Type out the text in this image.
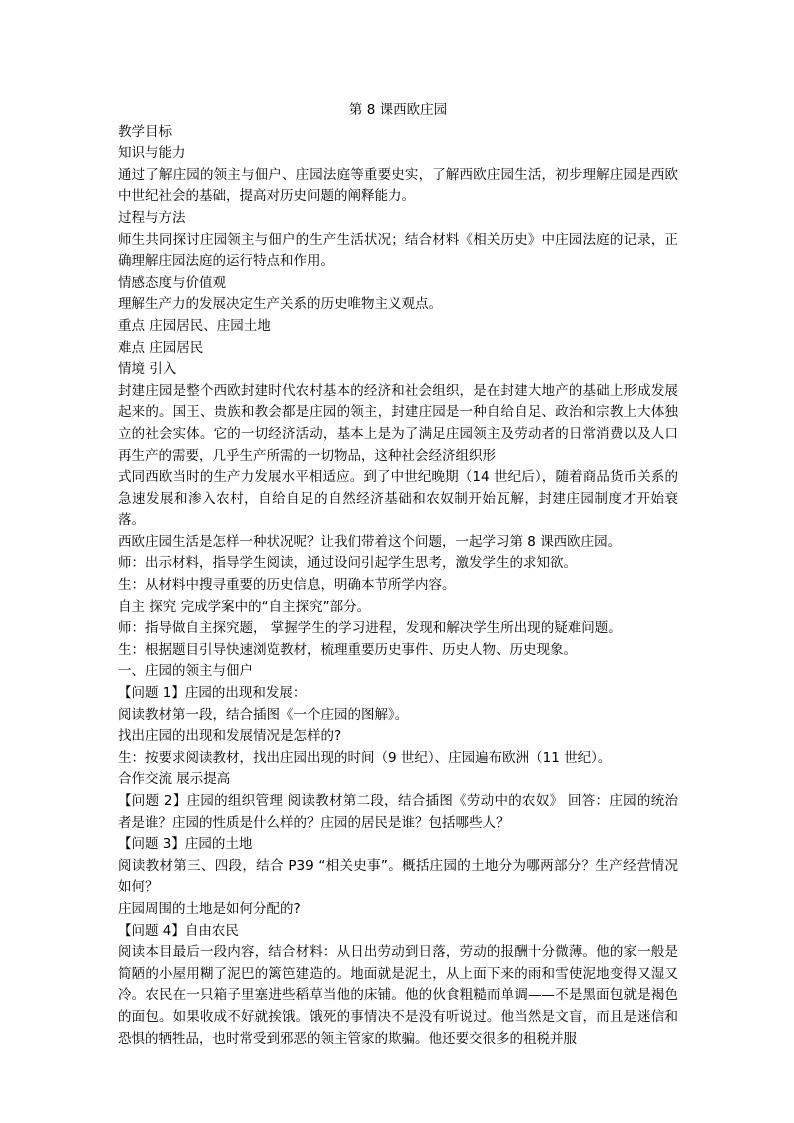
第 8 课西欧庄园

教学目标

知识与能力

通过了解庄园的领主与佃户、庄园法庭等重要史实，了解西欧庄园生活，初步理解庄园是西欧中世纪社会的基础，提高对历史问题的阐释能力。

过程与方法

师生共同探讨庄园领主与佃户的生产生活状况；结合材料《相关历史》中庄园法庭的记录，正确理解庄园法庭的运行特点和作用。

情感态度与价值观

理解生产力的发展决定生产关系的历史唯物主义观点。

重点 庄园居民、庄园土地

难点 庄园居民

情境 引入

封建庄园是整个西欧封建时代农村基本的经济和社会组织，是在封建大地产的基础上形成发展起来的。国王、贵族和教会都是庄园的领主，封建庄园是一种自给自足、政治和宗教上大体独立的社会实体。它的一切经济活动，基本上是为了满足庄园领主及劳动者的日常消费以及人口再生产的需要，几乎生产所需的一切物品，这种社会经济组织形

式同西欧当时的生产力发展水平相适应。到了中世纪晚期（14 世纪后），随着商品货币关系的急速发展和渗入农村，自给自足的自然经济基础和农奴制开始瓦解，封建庄园制度才开始衰落。

西欧庄园生活是怎样一种状况呢？让我们带着这个问题，一起学习第 8 课西欧庄园。

师：出示材料，指导学生阅读，通过设问引起学生思考，激发学生的求知欲。

生：从材料中搜寻重要的历史信息，明确本节所学内容。

自主 探究 完成学案中的“自主探究”部分。

师：指导做自主探究题， 掌握学生的学习进程，发现和解决学生所出现的疑难问题。

生：根据题目引导快速浏览教材，梳理重要历史事件、历史人物、历史现象。

一、庄园的领主与佃户

【问题 1】庄园的出现和发展：

阅读教材第一段，结合插图《一个庄园的图解》。

找出庄园的出现和发展情况是怎样的?

生：按要求阅读教材，找出庄园出现的时间（9 世纪）、庄园遍布欧洲（11 世纪）。

合作交流 展示提高

【问题 2】庄园的组织管理 阅读教材第二段，结合插图《劳动中的农奴》 回答：庄园的统治者是谁？庄园的性质是什么样的？庄园的居民是谁？包括哪些人？

【问题 3】庄园的土地

阅读教材第三、四段，结合 P39 “相关史事”。概括庄园的土地分为哪两部分？生产经营情况如何？

庄园周围的土地是如何分配的?

【问题 4】自由农民

阅读本目最后一段内容，结合材料：从日出劳动到日落，劳动的报酬十分微薄。他的家一般是简陋的小屋用糊了泥巴的篱笆建造的。地面就是泥土，从上面下来的雨和雪使泥地变得又湿又冷。农民在一只箱子里塞进些稻草当他的床铺。他的伙食粗糙而单调——不是黑面包就是褐色的面包。如果收成不好就挨饿。饿死的事情决不是没有听说过。他当然是文盲，而且是迷信和恐惧的牺牲品，也时常受到邪恶的领主管家的欺骗。他还要交很多的租税并服
